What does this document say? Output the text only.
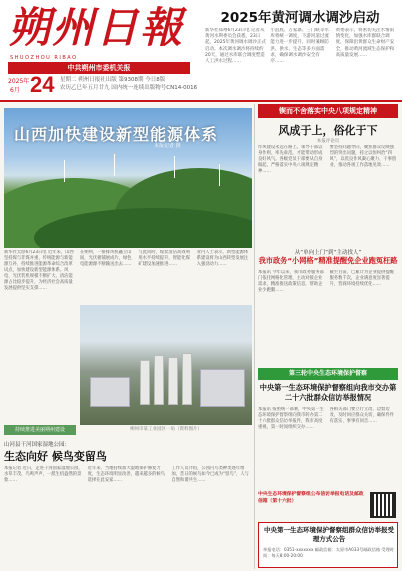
朔州日報
SHUOZHOU RIBAO
中共朔州市委机关报
2025年
6月 24 星期二 朔州日报社出版 第9308期 今日8版
农历乙巳年五月廿九 国内统一连续出版物号CN14-0016
2025年黄河调水调沙启动
新华社郑州6月23日电 记者从黄河水利委员会获悉，23日起，2025年黄河调水调沙正式启动。本次调水调沙将持续约20天，通过水库联合调度塑造人工洪水过程……
小浪底、万家寨、三门峡等水库将统一调度，下游河道过流能力进一步提升，同时兼顾防洪、供水、生态等多方面需求，确保调水调沙安全有序……
黄委表示，将密切关注水情雨情变化，加强水库群联合调度，保障沿黄群众生命财产安全，推动黄河流域生态保护和高质量发展……
山西加快建设新型能源体系
本报记者 摄
锲而不舍落实中央八项规定精神
风成于上，俗化于下
本报评论员
作风建设永远在路上。领导干部以身作则、率先垂范，才能带动形成良好风气。各级党员干部要从自身做起，严格落实中央八项规定精神……
要坚持问题导向，聚焦群众反映强烈的突出问题，持之以恒纠治“四风”，以优良作风凝心聚力、干事创业，推动各项工作落地见效……
新华社太原6月23日电 近年来，山西坚持煤与非煤并重、传统能源与新能源互补，持续推进能源革命综合改革试点，加快建设新型能源体系。风电、光伏装机规模不断扩大，清洁能源占比稳步提升，为经济社会高质量发展提供坚实支撑……
在朔州，一排排风机矗立山间，光伏板铺展成片，绿色电能源源不断输送出去……
与此同时，煤炭清洁高效利用水平持续提升，智能化煤矿建设加速推进……
业内人士表示，新型能源体系建设将为山西转型发展注入强劲动力……
朔州市某工业园区一角（资料图片）
从“单向上门”到“主动找人”
我市政务“小网格”精准提醒免企业跑冤枉路
本报讯 今年以来，我市政务服务部门依托网格化管理，主动对接企业需求，精准推送政策信息，帮助企业少跑腿……
截至目前，已累计为企业提供提醒服务数千次，企业满意度显著提升，营商环境持续优化……
第三轮中央生态环境保护督察
中央第一生态环境保护督察组向我市交办第二十六批群众信访举报情况
本报讯 按照统一部署，中央第一生态环境保护督察组向我市转办第二十六批群众信访举报件，我市高度重视，第一时间组织交办……
各相关部门要立行立改、边督边改，及时回应群众关切，确保件件有落实、事事有回音……
持续推进美丽朔州建设
山河县干河国家湿地公园：
生态向好 候鸟变留鸟
本报记者 近日，走进干河国家湿地公园，水草丰茂，鸟鸣声声，一派生机盎然的景象……
近年来，当地持续加大湿地保护修复力度，生态环境明显改善，越来越多的候鸟选择在此安家……
工作人员介绍，公园内鸟类种类逐年增加，昔日的候鸟如今已成为“留鸟”，人与自然和谐共生……
中央生态环境保护督察组公布信访举报电话及邮政信箱（第十六批）
中央第一生态环境保护督察组群众信访举报受理方式公告
举报电话：0351-xxxxxxx 邮政信箱：太原市A033号邮政信箱 受理时间：每天8:00-20:00
